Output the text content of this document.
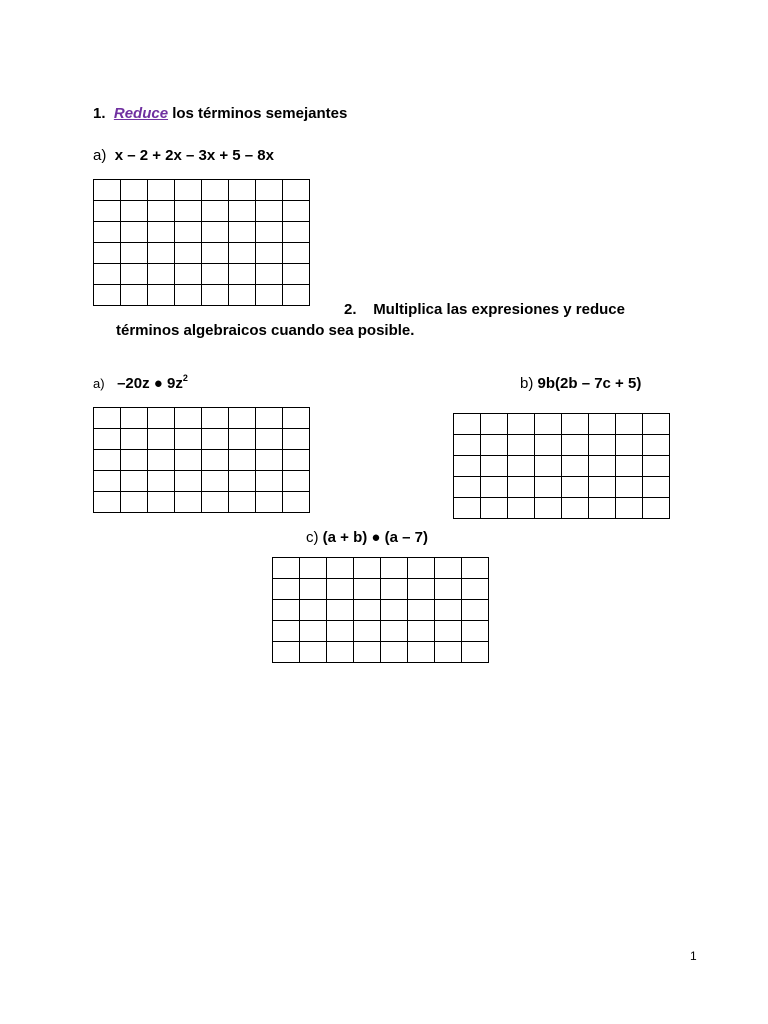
1. Reduce los términos semejantes
a) x – 2 + 2x – 3x + 5 – 8x

2. Multiplica las expresiones y reduce
términos algebraicos cuando sea posible.
a) –20z ● $9z^2$

								b) 9b(2b – 7c + 5)

c) (a + b) ● (a – 7)

1
